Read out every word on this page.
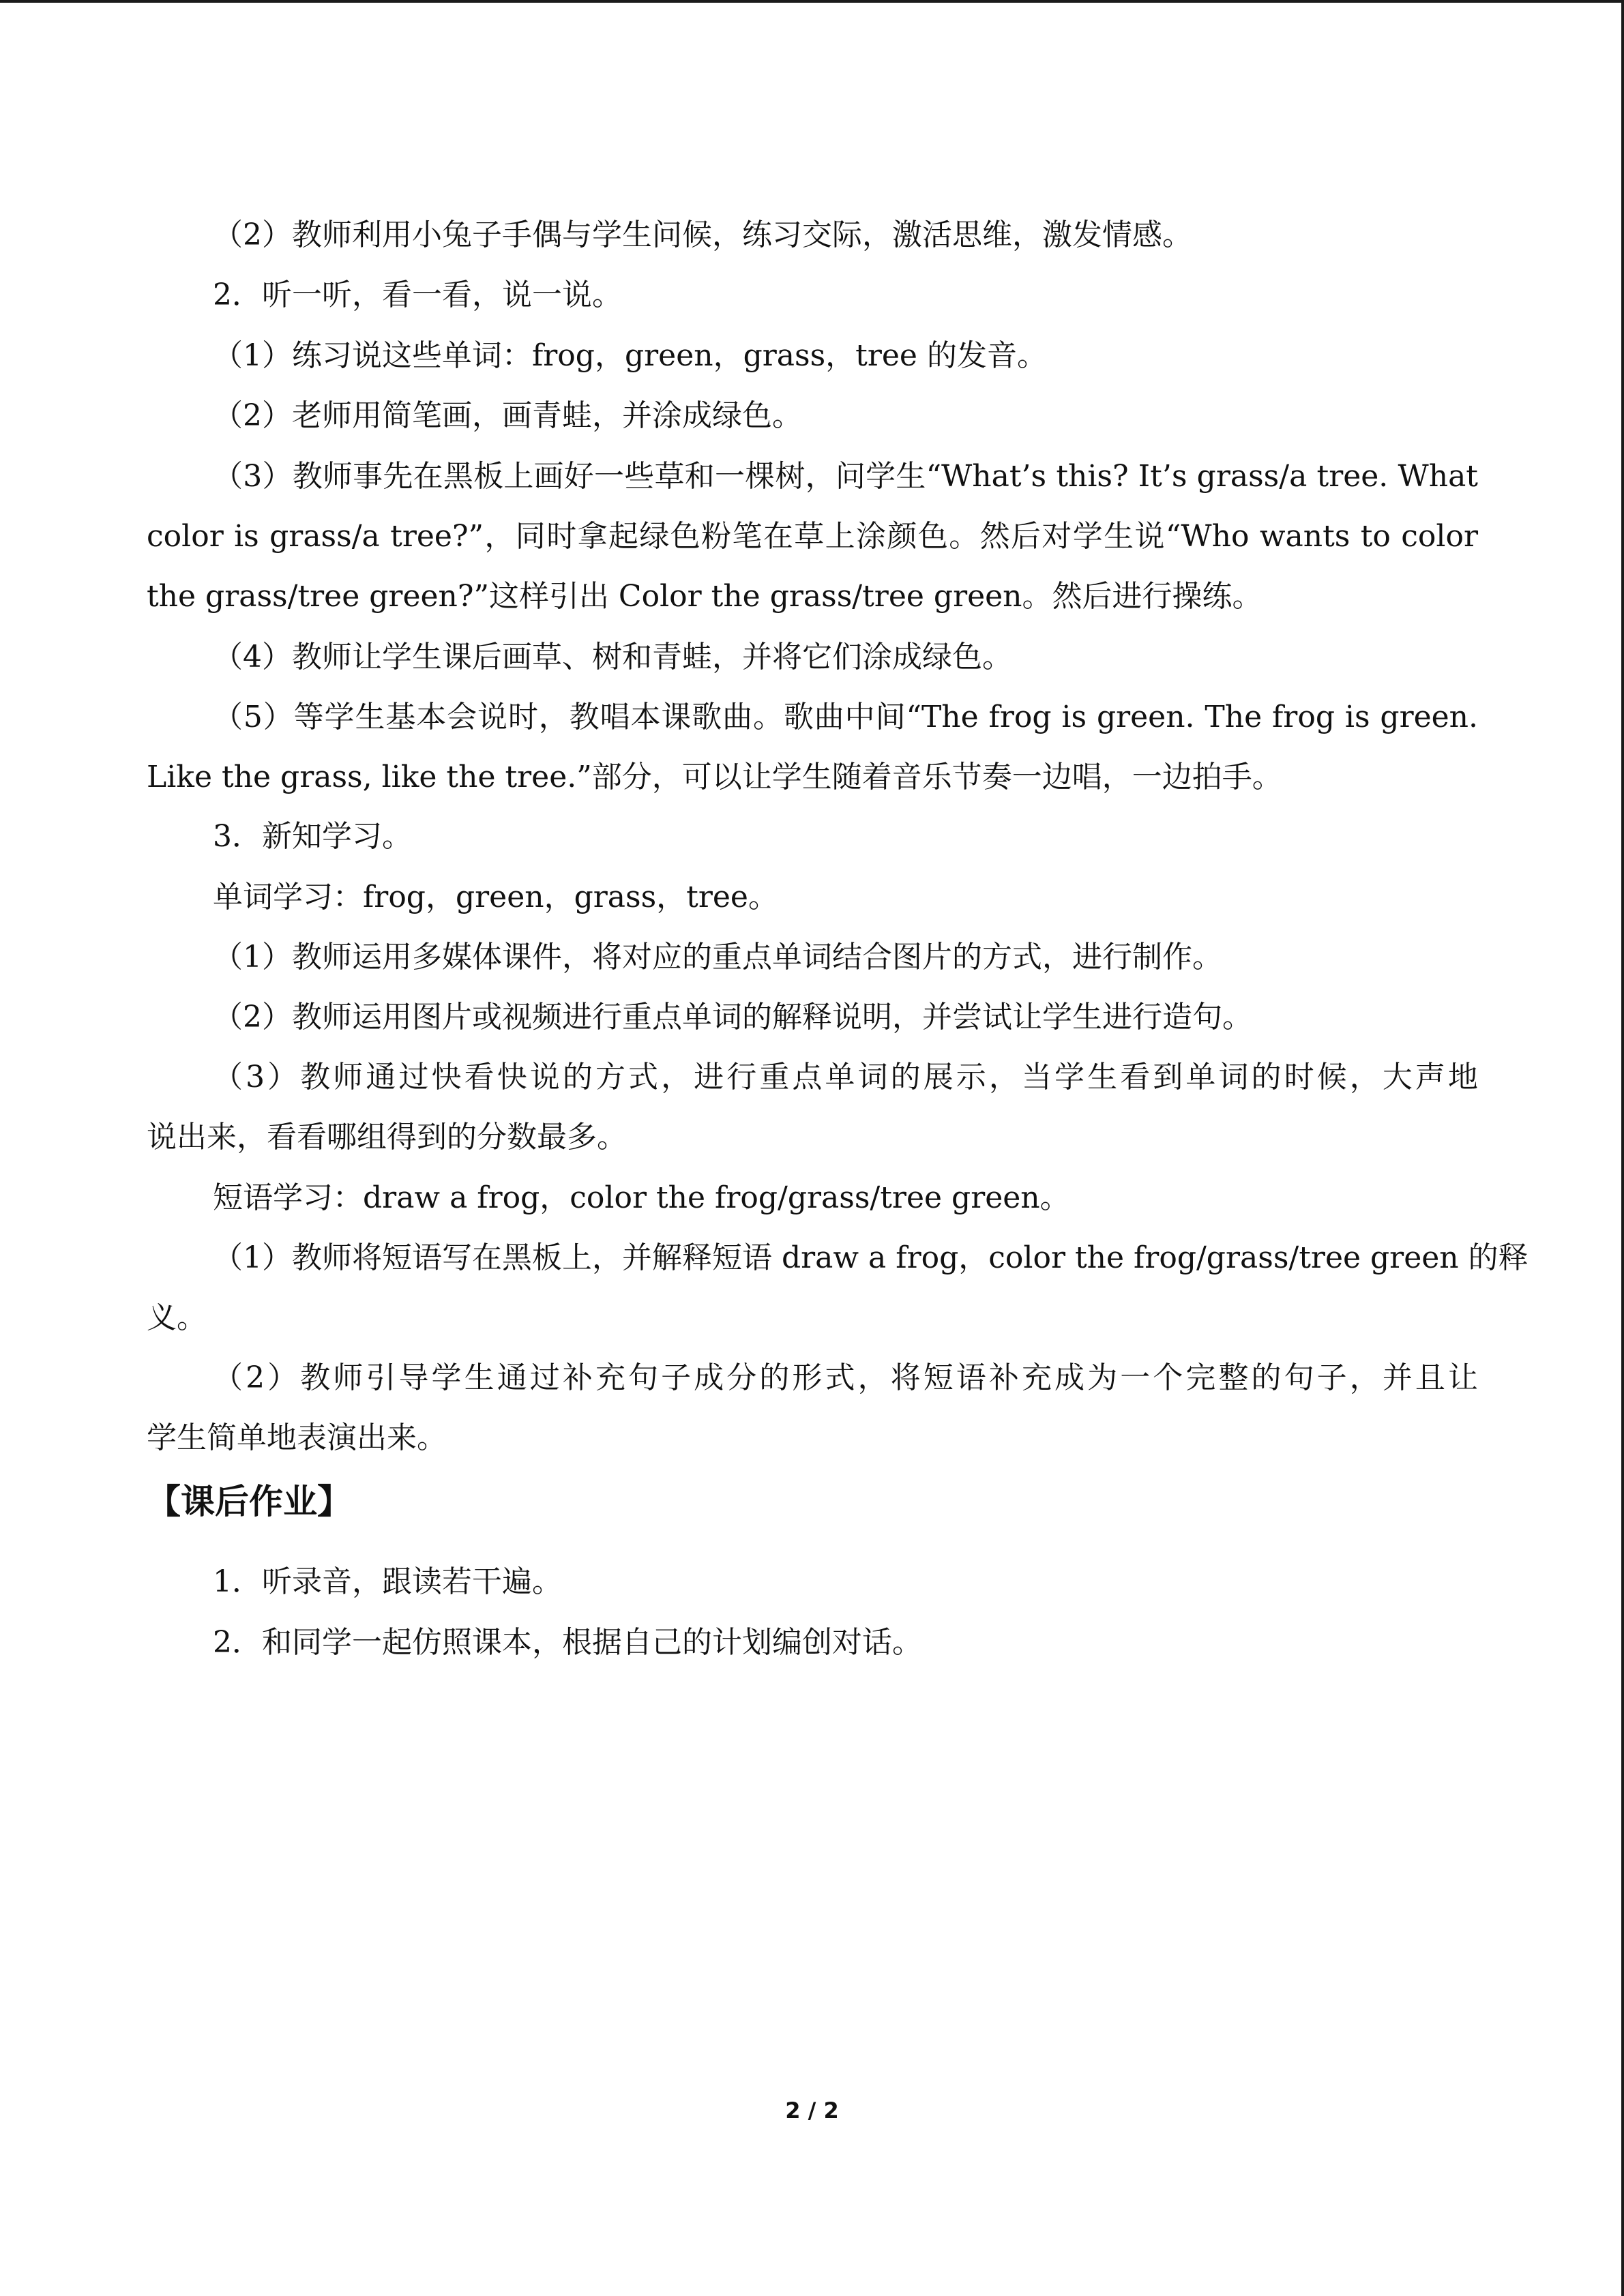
（2）教师利用小兔子手偶与学生问候，练习交际，激活思维，激发情感。
2．听一听，看一看，说一说。
（1）练习说这些单词：frog，green，grass，tree 的发音。
（2）老师用简笔画，画青蛙，并涂成绿色。
（3）教师事先在黑板上画好一些草和一棵树，问学生“What’s this? It’s grass/a tree. What
color is grass/a tree?”，同时拿起绿色粉笔在草上涂颜色。然后对学生说“Who wants to color
the grass/tree green?”这样引出 Color the grass/tree green。然后进行操练。
（4）教师让学生课后画草、树和青蛙，并将它们涂成绿色。
（5）等学生基本会说时，教唱本课歌曲。歌曲中间“The frog is green. The frog is green.
Like the grass, like the tree.”部分，可以让学生随着音乐节奏一边唱，一边拍手。
3．新知学习。
单词学习：frog，green，grass，tree。
（1）教师运用多媒体课件，将对应的重点单词结合图片的方式，进行制作。
（2）教师运用图片或视频进行重点单词的解释说明，并尝试让学生进行造句。
（3）教师通过快看快说的方式，进行重点单词的展示，当学生看到单词的时候，大声地
说出来，看看哪组得到的分数最多。
短语学习：draw a frog，color the frog/grass/tree green。
（1）教师将短语写在黑板上，并解释短语 draw a frog，color the frog/grass/tree green 的释
义。
（2）教师引导学生通过补充句子成分的形式，将短语补充成为一个完整的句子，并且让
学生简单地表演出来。
【课后作业】
1．听录音，跟读若干遍。
2．和同学一起仿照课本，根据自己的计划编创对话。
2 / 2
